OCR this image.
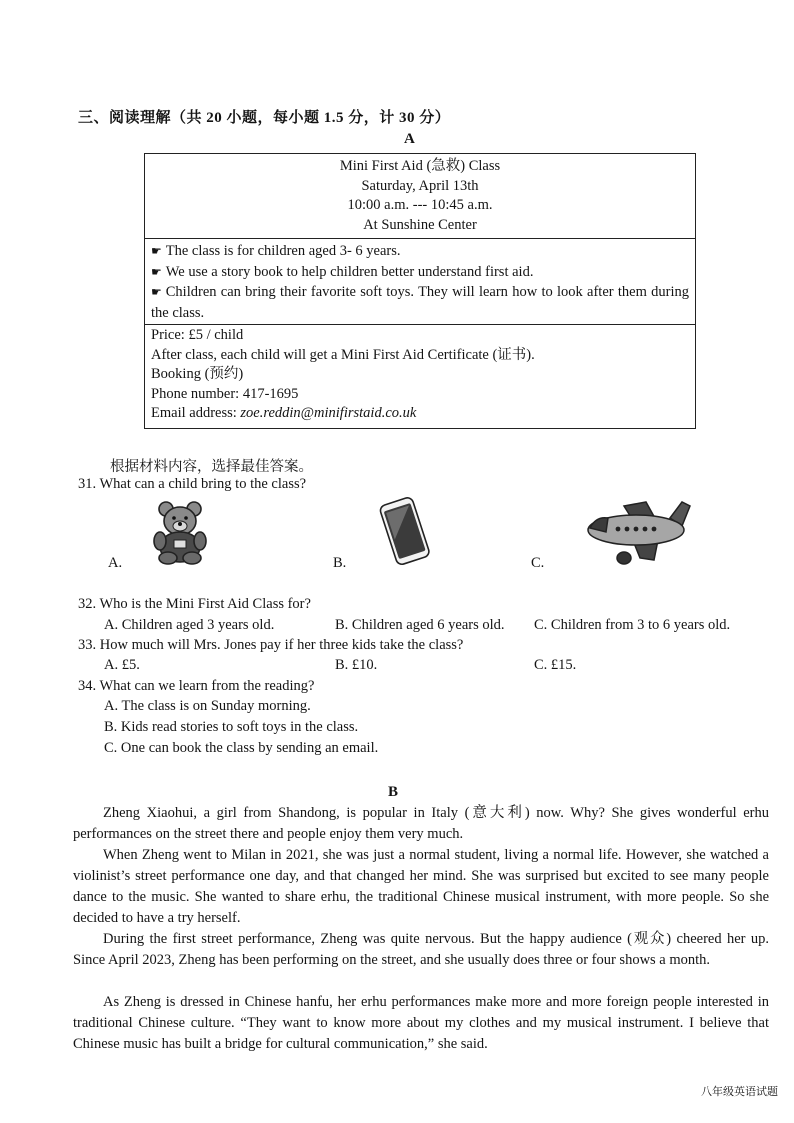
三、阅读理解（共 20 小题，每小题 1.5 分，计 30 分）
A
Mini First Aid (急救) Class
Saturday, April 13th
10:00 a.m. --- 10:45 a.m.
At Sunshine Center
☛ The class is for children aged 3- 6 years.
☛ We use a story book to help children better understand first aid.
☛ Children can bring their favorite soft toys. They will learn how to look after them during the class.
Price: £5 / child
After class, each child will get a Mini First Aid Certificate (证书).
Booking (预约)
Phone number: 417-1695
Email address: zoe.reddin@minifirstaid.co.uk
根据材料内容，选择最佳答案。
31. What can a child bring to the class?
A.	B.	C.
32. Who is the Mini First Aid Class for?
A. Children aged 3 years old.	B. Children aged 6 years old. C. Children from 3 to 6 years old.
33. How much will Mrs. Jones pay if her three kids take the class?
A. £5.	B. £10.	C. £15.
34. What can we learn from the reading?
A. The class is on Sunday morning.
B. Kids read stories to soft toys in the class.
C. One can book the class by sending an email.
B
Zheng Xiaohui, a girl from Shandong, is popular in Italy (意大利) now. Why? She gives wonderful erhu performances on the street there and people enjoy them very much.
When Zheng went to Milan in 2021, she was just a normal student, living a normal life. However, she watched a violinist’s street performance one day, and that changed her mind. She was surprised but excited to see many people dance to the music. She wanted to share erhu, the traditional Chinese musical instrument, with more people. So she decided to have a try herself.
During the first street performance, Zheng was quite nervous. But the happy audience (观众) cheered her up. Since April 2023, Zheng has been performing on the street, and she usually does three or four shows a month.
As Zheng is dressed in Chinese hanfu, her erhu performances make more and more foreign people interested in traditional Chinese culture. “They want to know more about my clothes and my musical instrument. I believe that Chinese music has built a bridge for cultural communication,” she said.
八年级英语试题
